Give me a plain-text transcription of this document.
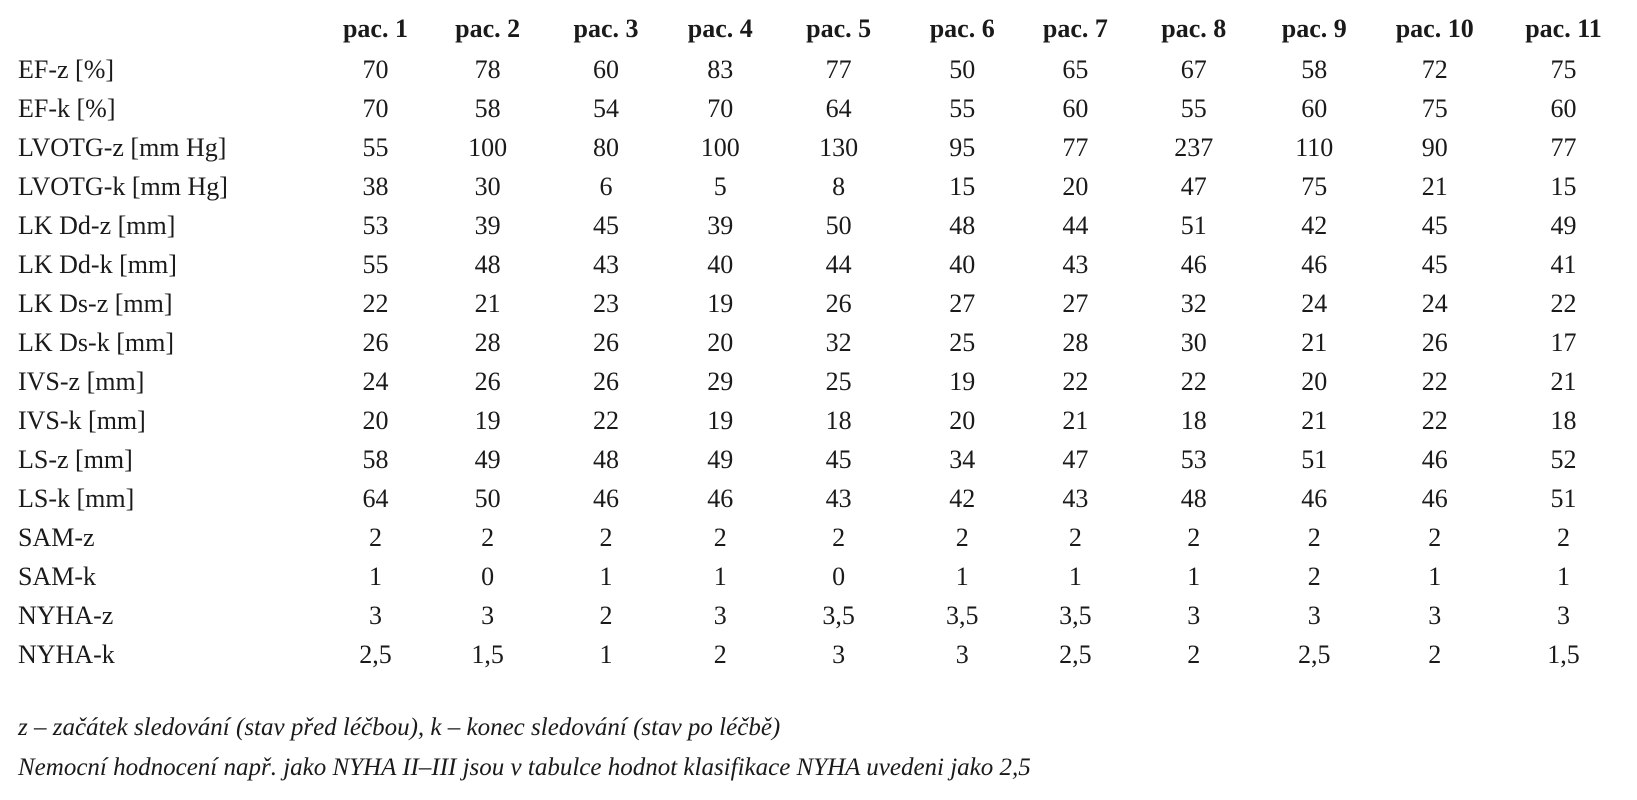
	pac. 1	pac. 2	pac. 3	pac. 4	pac. 5	pac. 6	pac. 7	pac. 8	pac. 9	pac. 10	pac. 11
EF-z [%]	70	78	60	83	77	50	65	67	58	72	75
EF-k [%]	70	58	54	70	64	55	60	55	60	75	60
LVOTG-z [mm Hg]	55	100	80	100	130	95	77	237	110	90	77
LVOTG-k [mm Hg]	38	30	6	5	8	15	20	47	75	21	15
LK Dd-z [mm]	53	39	45	39	50	48	44	51	42	45	49
LK Dd-k [mm]	55	48	43	40	44	40	43	46	46	45	41
LK Ds-z [mm]	22	21	23	19	26	27	27	32	24	24	22
LK Ds-k [mm]	26	28	26	20	32	25	28	30	21	26	17
IVS-z [mm]	24	26	26	29	25	19	22	22	20	22	21
IVS-k [mm]	20	19	22	19	18	20	21	18	21	22	18
LS-z [mm]	58	49	48	49	45	34	47	53	51	46	52
LS-k [mm]	64	50	46	46	43	42	43	48	46	46	51
SAM-z	2	2	2	2	2	2	2	2	2	2	2
SAM-k	1	0	1	1	0	1	1	1	2	1	1
NYHA-z	3	3	2	3	3,5	3,5	3,5	3	3	3	3
NYHA-k	2,5	1,5	1	2	3	3	2,5	2	2,5	2	1,5
z – začátek sledování (stav před léčbou), k – konec sledování (stav po léčbě)
Nemocní hodnocení např. jako NYHA II–III jsou v tabulce hodnot klasifikace NYHA uvedeni jako 2,5
